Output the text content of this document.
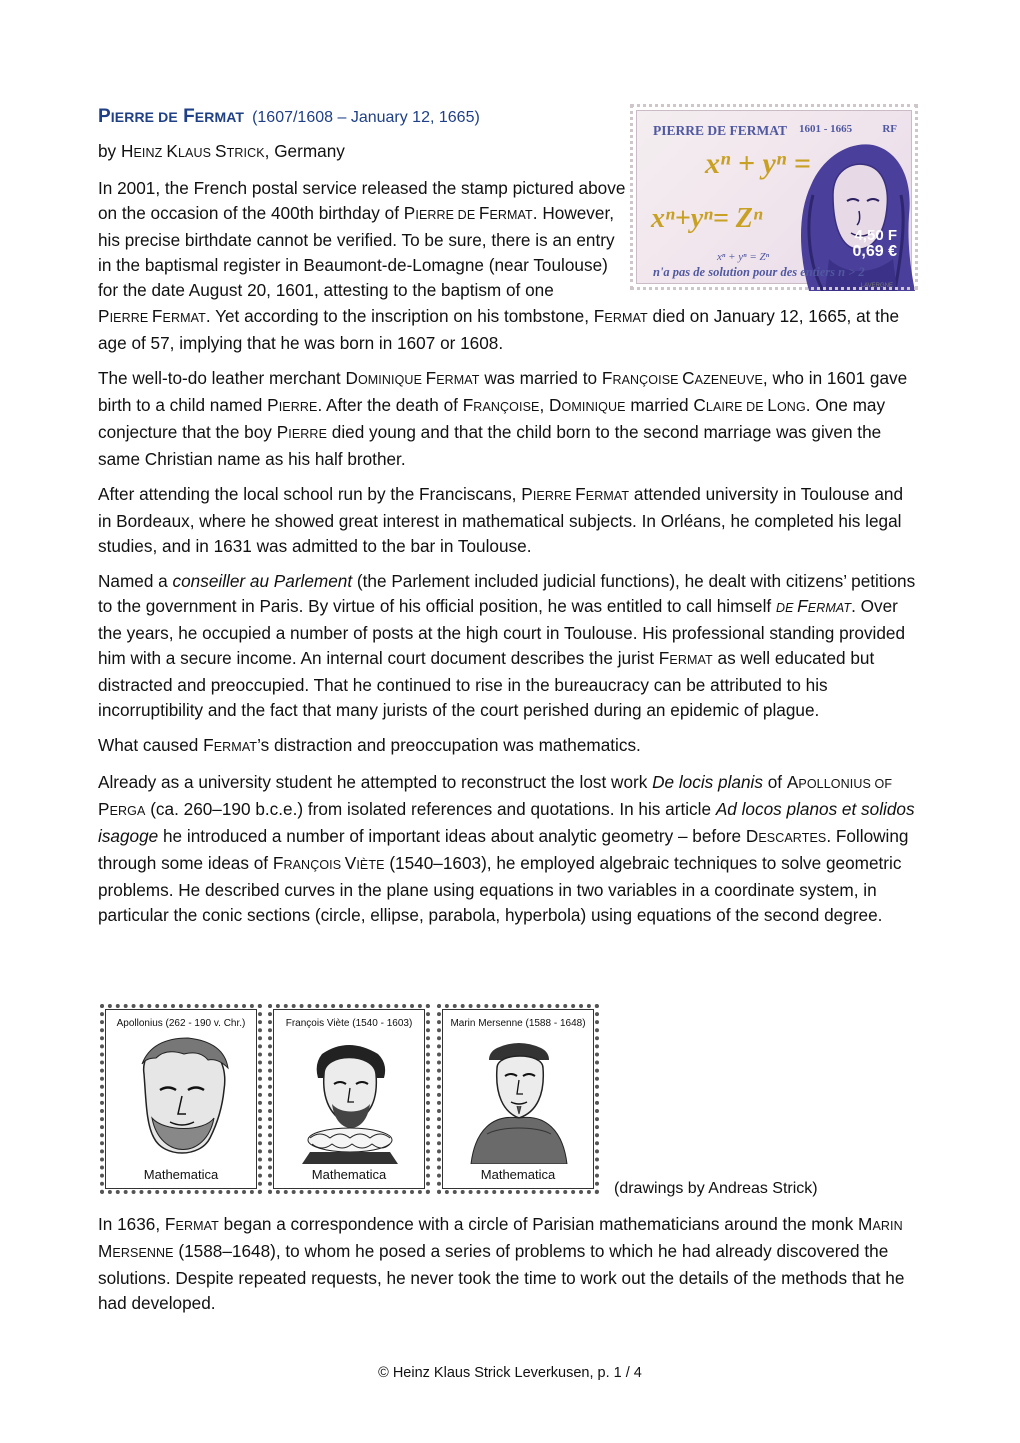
PIERRE DE FERMAT (1607/1608 – January 12, 1665)
by HEINZ KLAUS STRICK, Germany

In 2001, the French postal service released the stamp pictured above on the occasion of the 400th birthday of PIERRE DE FERMAT. However, his precise birthdate cannot be verified. To be sure, there is an entry in the baptismal register in Beaumont-de-Lomagne (near Toulouse) for the date August 20, 1601, attesting to the baptism of one

PIERRE FERMAT. Yet according to the inscription on his tombstone, FERMAT died on January 12, 1665, at the age of 57, implying that he was born in 1607 or 1608.

The well-to-do leather merchant DOMINIQUE FERMAT was married to FRANÇOISE CAZENEUVE, who in 1601 gave birth to a child named PIERRE. After the death of FRANÇOISE, DOMINIQUE married CLAIRE DE LONG. One may conjecture that the boy PIERRE died young and that the child born to the second marriage was given the same Christian name as his half brother.

After attending the local school run by the Franciscans, PIERRE FERMAT attended university in Toulouse and in Bordeaux, where he showed great interest in mathematical subjects. In Orléans, he completed his legal studies, and in 1631 was admitted to the bar in Toulouse.

Named a conseiller au Parlement (the Parlement included judicial functions), he dealt with citizens’ petitions to the government in Paris. By virtue of his official position, he was entitled to call himself DE FERMAT. Over the years, he occupied a number of posts at the high court in Toulouse. His professional standing provided him with a secure income. An internal court document describes the jurist FERMAT as well educated but distracted and preoccupied. That he continued to rise in the bureaucracy can be attributed to his incorruptibility and the fact that many jurists of the court perished during an epidemic of plague.

What caused FERMAT’s distraction and preoccupation was mathematics.

Already as a university student he attempted to reconstruct the lost work De locis planis of APOLLONIUS OF PERGA (ca. 260–190 b.c.e.) from isolated references and quotations. In his article Ad locos planos et solidos isagoge he introduced a number of important ideas about analytic geometry – before DESCARTES. Following through some ideas of FRANÇOIS VIÈTE (1540–1603), he employed algebraic techniques to solve geometric problems. He described curves in the plane using equations in two variables in a coordinate system, in particular the conic sections (circle, ellipse, parabola, hyperbola) using equations of the second degree.

PIERRE DE FERMAT 1601 - 1665	RF
xⁿ + yⁿ =
xⁿ+yⁿ= Zⁿ
4,50 F
0,69 €
xⁿ + yⁿ = Zⁿ
n'a pas de solution pour des entiers n > 2
LAVERGNE
Apollonius (262 - 190 v. Chr.)
Mathematica
François Viète (1540 - 1603)
Mathematica
Marin Mersenne (1588 - 1648)
Mathematica
(drawings by Andreas Strick)

In 1636, FERMAT began a correspondence with a circle of Parisian mathematicians around the monk MARIN MERSENNE (1588–1648), to whom he posed a series of problems to which he had already discovered the solutions. Despite repeated requests, he never took the time to work out the details of the methods that he had developed.

© Heinz Klaus Strick Leverkusen, p. 1 / 4
